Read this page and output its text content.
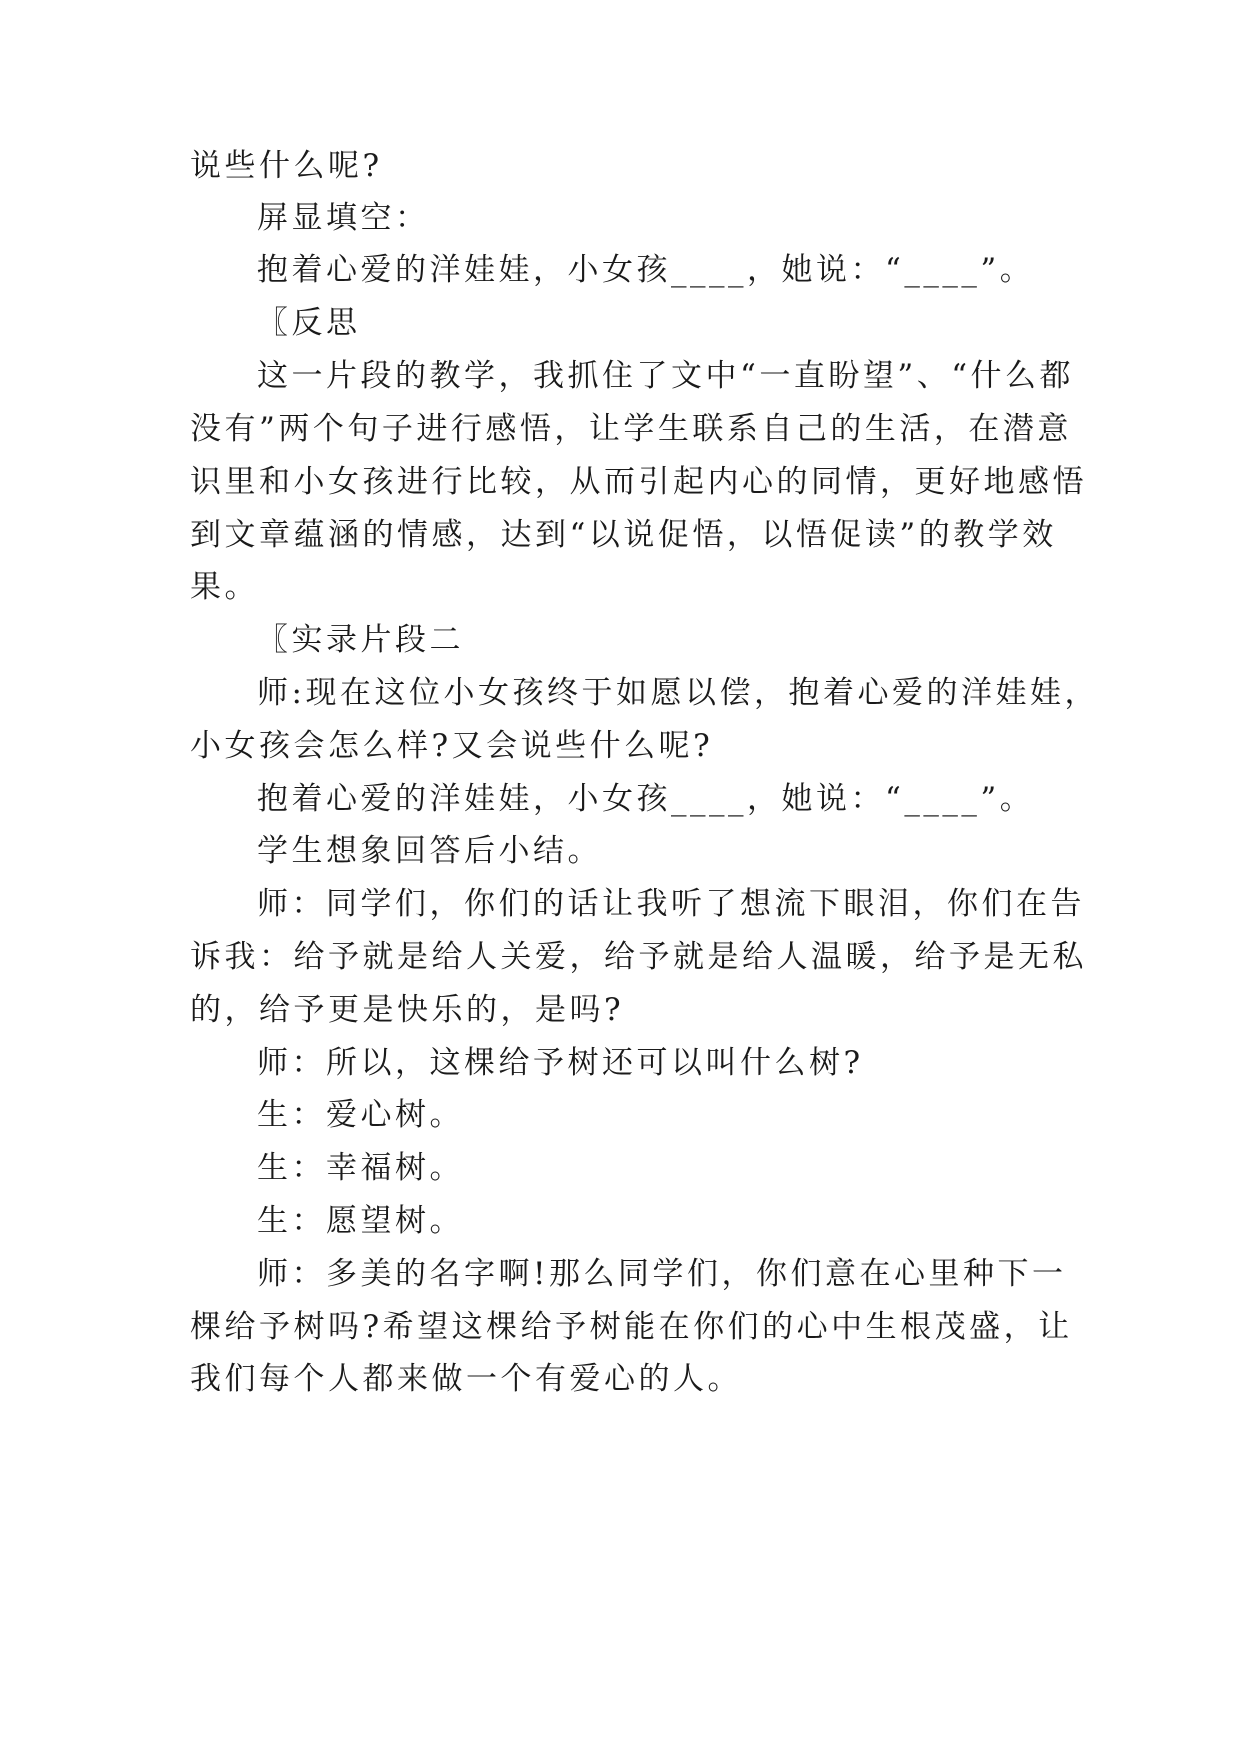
说些什么呢?
屏显填空：
抱着心爱的洋娃娃，小女孩____，她说：“____”。
〖反思
这一片段的教学，我抓住了文中“一直盼望”、“什么都
没有”两个句子进行感悟，让学生联系自己的生活，在潜意
识里和小女孩进行比较，从而引起内心的同情，更好地感悟
到文章蕴涵的情感，达到“以说促悟，以悟促读”的教学效
果。
〖实录片段二
师:现在这位小女孩终于如愿以偿，抱着心爱的洋娃娃，
小女孩会怎么样?又会说些什么呢?
抱着心爱的洋娃娃，小女孩____，她说：“____”。
学生想象回答后小结。
师：同学们，你们的话让我听了想流下眼泪，你们在告
诉我：给予就是给人关爱，给予就是给人温暖，给予是无私
的，给予更是快乐的，是吗?
师：所以，这棵给予树还可以叫什么树?
生：爱心树。
生：幸福树。
生：愿望树。
师：多美的名字啊!那么同学们，你们意在心里种下一
棵给予树吗?希望这棵给予树能在你们的心中生根茂盛，让
我们每个人都来做一个有爱心的人。
